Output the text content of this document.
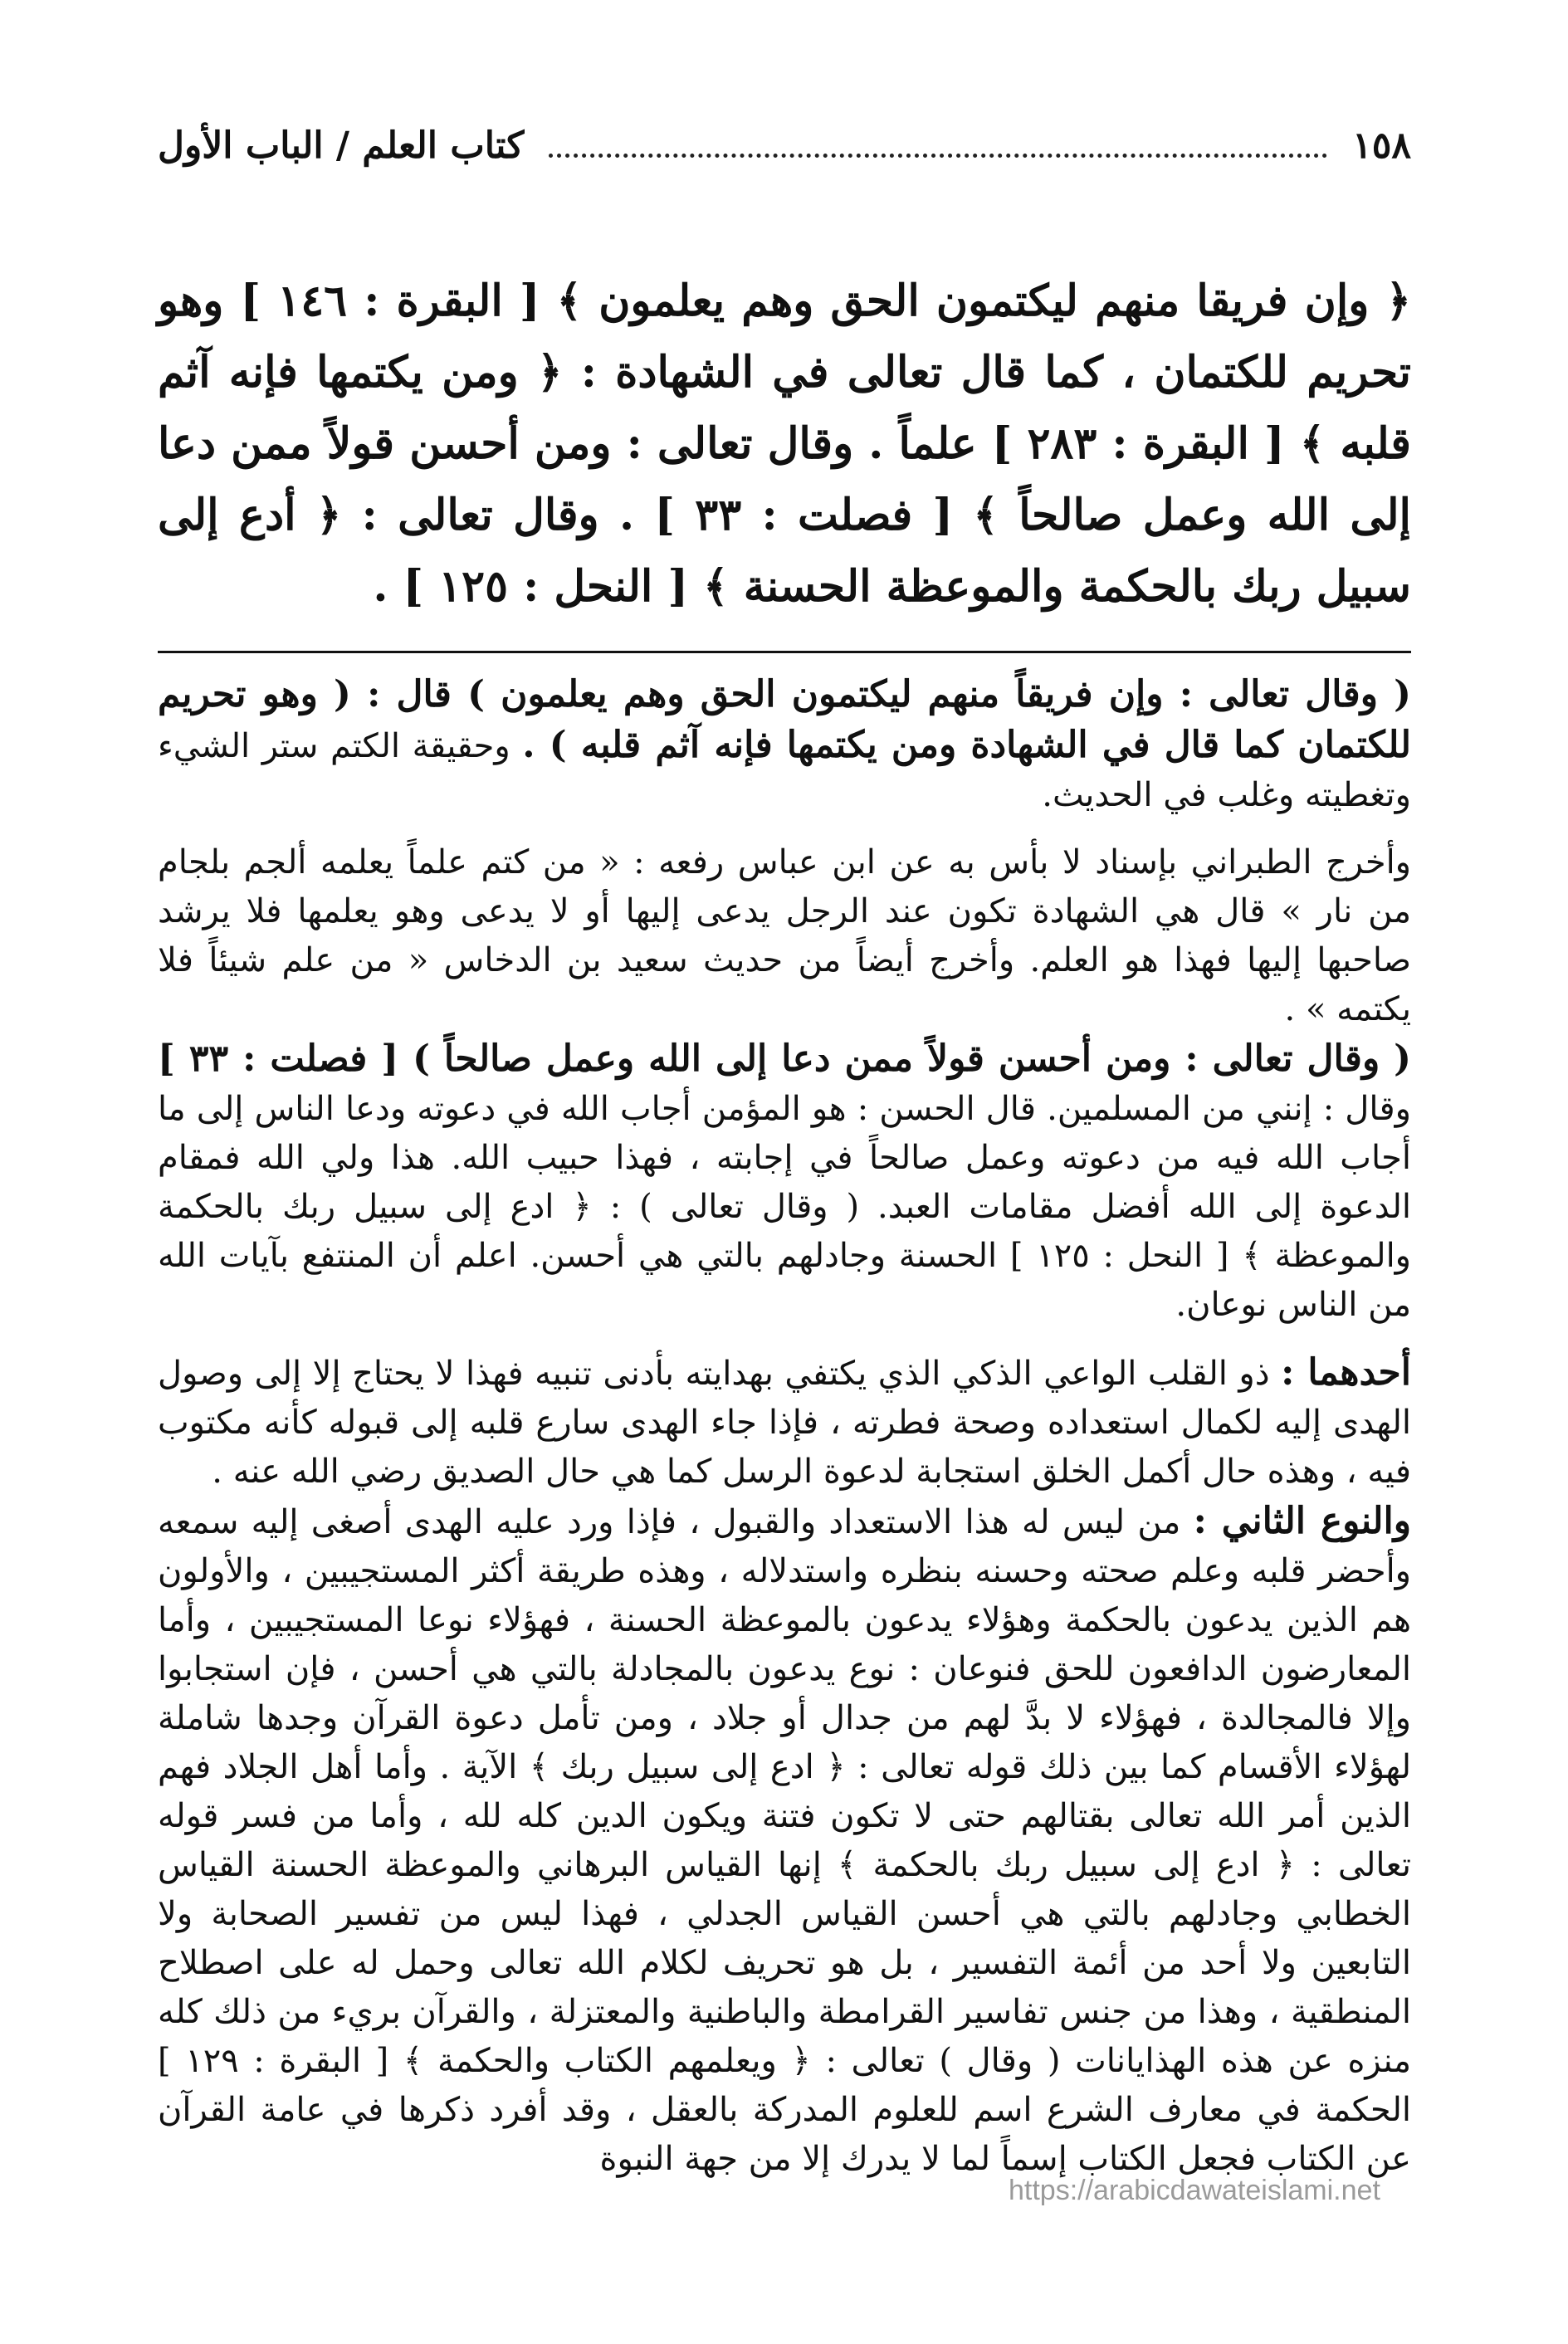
١٥٨
كتاب العلم / الباب الأول

﴿ وإن فريقا منهم ليكتمون الحق وهم يعلمون ﴾ [ البقرة : ١٤٦ ] وهو تحريم للكتمان ، كما قال تعالى في الشهادة : ﴿ ومن يكتمها فإنه آثم قلبه ﴾ [ البقرة : ٢٨٣ ] علماً . وقال تعالى : ومن أحسن قولاً ممن دعا إلى الله وعمل صالحاً ﴾ [ فصلت : ٣٣ ] . وقال تعالى : ﴿ أدع إلى سبيل ربك بالحكمة والموعظة الحسنة ﴾ [ النحل : ١٢٥ ] .

( وقال تعالى : وإن فريقاً منهم ليكتمون الحق وهم يعلمون ) قال : ( وهو تحريم للكتمان كما قال في الشهادة ومن يكتمها فإنه آثم قلبه ) . وحقيقة الكتم ستر الشيء وتغطيته وغلب في الحديث.

وأخرج الطبراني بإسناد لا بأس به عن ابن عباس رفعه : « من كتم علماً يعلمه ألجم بلجام من نار » قال هي الشهادة تكون عند الرجل يدعى إليها أو لا يدعى وهو يعلمها فلا يرشد صاحبها إليها فهذا هو العلم. وأخرج أيضاً من حديث سعيد بن الدخاس « من علم شيئاً فلا يكتمه » .

( وقال تعالى : ومن أحسن قولاً ممن دعا إلى الله وعمل صالحاً ) [ فصلت : ٣٣ ] وقال : إنني من المسلمين. قال الحسن : هو المؤمن أجاب الله في دعوته ودعا الناس إلى ما أجاب الله فيه من دعوته وعمل صالحاً في إجابته ، فهذا حبيب الله. هذا ولي الله فمقام الدعوة إلى الله أفضل مقامات العبد. ( وقال تعالى ) : ﴿ ادع إلى سبيل ربك بالحكمة والموعظة ﴾ [ النحل : ١٢٥ ] الحسنة وجادلهم بالتي هي أحسن. اعلم أن المنتفع بآيات الله من الناس نوعان.

أحدهما : ذو القلب الواعي الذكي الذي يكتفي بهدايته بأدنى تنبيه فهذا لا يحتاج إلا إلى وصول الهدى إليه لكمال استعداده وصحة فطرته ، فإذا جاء الهدى سارع قلبه إلى قبوله كأنه مكتوب فيه ، وهذه حال أكمل الخلق استجابة لدعوة الرسل كما هي حال الصديق رضي الله عنه .

والنوع الثاني : من ليس له هذا الاستعداد والقبول ، فإذا ورد عليه الهدى أصغى إليه سمعه وأحضر قلبه وعلم صحته وحسنه بنظره واستدلاله ، وهذه طريقة أكثر المستجيبين ، والأولون هم الذين يدعون بالحكمة وهؤلاء يدعون بالموعظة الحسنة ، فهؤلاء نوعا المستجيبين ، وأما المعارضون الدافعون للحق فنوعان : نوع يدعون بالمجادلة بالتي هي أحسن ، فإن استجابوا وإلا فالمجالدة ، فهؤلاء لا بدَّ لهم من جدال أو جلاد ، ومن تأمل دعوة القرآن وجدها شاملة لهؤلاء الأقسام كما بين ذلك قوله تعالى : ﴿ ادع إلى سبيل ربك ﴾ الآية . وأما أهل الجلاد فهم الذين أمر الله تعالى بقتالهم حتى لا تكون فتنة ويكون الدين كله لله ، وأما من فسر قوله تعالى : ﴿ ادع إلى سبيل ربك بالحكمة ﴾ إنها القياس البرهاني والموعظة الحسنة القياس الخطابي وجادلهم بالتي هي أحسن القياس الجدلي ، فهذا ليس من تفسير الصحابة ولا التابعين ولا أحد من أئمة التفسير ، بل هو تحريف لكلام الله تعالى وحمل له على اصطلاح المنطقية ، وهذا من جنس تفاسير القرامطة والباطنية والمعتزلة ، والقرآن بريء من ذلك كله منزه عن هذه الهذايانات ( وقال ) تعالى : ﴿ ويعلمهم الكتاب والحكمة ﴾ [ البقرة : ١٢٩ ] الحكمة في معارف الشرع اسم للعلوم المدركة بالعقل ، وقد أفرد ذكرها في عامة القرآن عن الكتاب فجعل الكتاب إسماً لما لا يدرك إلا من جهة النبوة

https://arabicdawateislami.net
